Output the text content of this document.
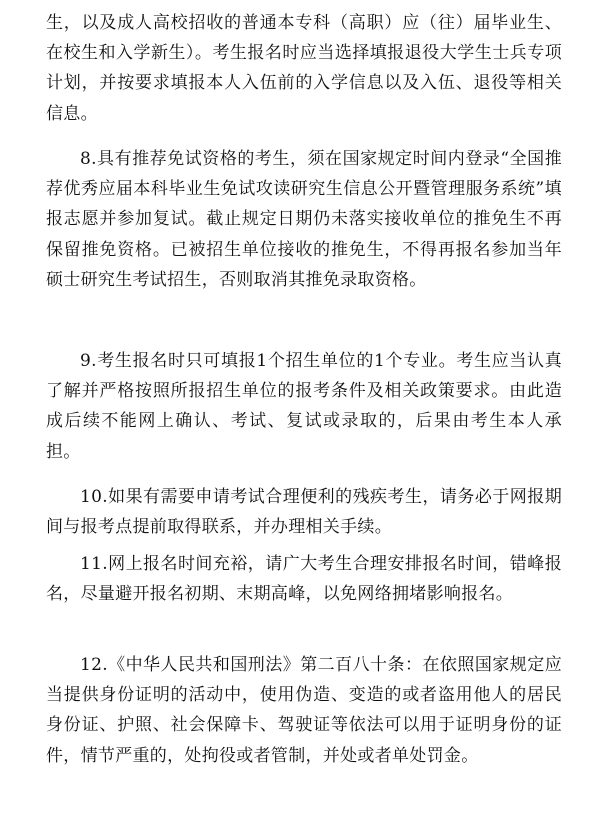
生，以及成人高校招收的普通本专科（高职）应（往）届毕业生、在校生和入学新生）。考生报名时应当选择填报退役大学生士兵专项计划，并按要求填报本人入伍前的入学信息以及入伍、退役等相关信息。

8.具有推荐免试资格的考生，须在国家规定时间内登录“全国推荐优秀应届本科毕业生免试攻读研究生信息公开暨管理服务系统”填报志愿并参加复试。截止规定日期仍未落实接收单位的推免生不再保留推免资格。已被招生单位接收的推免生，不得再报名参加当年硕士研究生考试招生，否则取消其推免录取资格。

9.考生报名时只可填报1个招生单位的1个专业。考生应当认真了解并严格按照所报招生单位的报考条件及相关政策要求。由此造成后续不能网上确认、考试、复试或录取的，后果由考生本人承担。

10.如果有需要申请考试合理便利的残疾考生，请务必于网报期间与报考点提前取得联系，并办理相关手续。

11.网上报名时间充裕，请广大考生合理安排报名时间，错峰报名，尽量避开报名初期、末期高峰，以免网络拥堵影响报名。

12.《中华人民共和国刑法》第二百八十条：在依照国家规定应当提供身份证明的活动中，使用伪造、变造的或者盗用他人的居民身份证、护照、社会保障卡、驾驶证等依法可以用于证明身份的证件，情节严重的，处拘役或者管制，并处或者单处罚金。
